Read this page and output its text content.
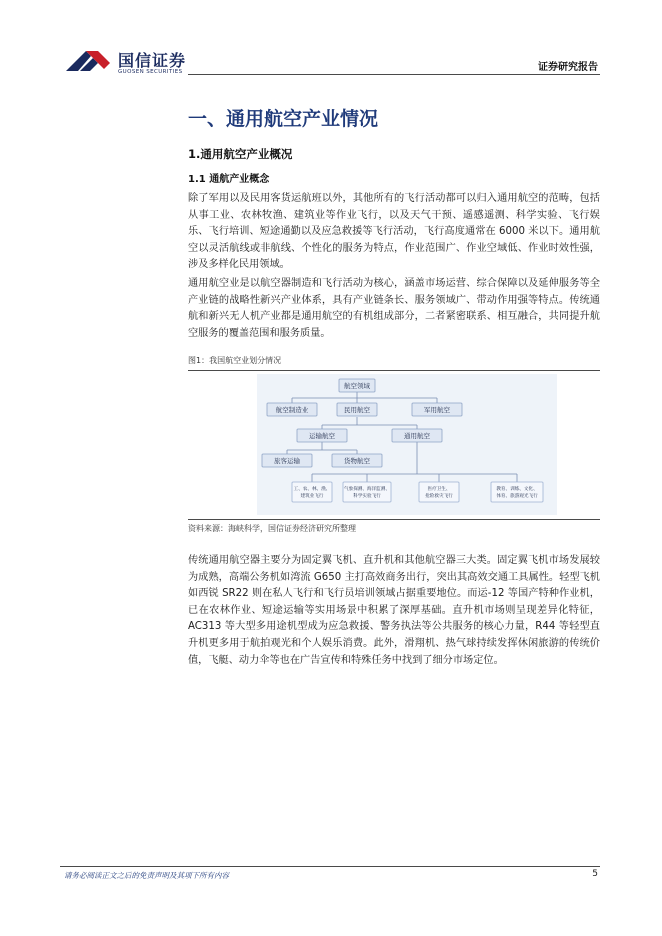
国信证券
GUOSEN SECURITIES	证券研究报告
一、通用航空产业情况
1.通用航空产业概况
1.1 通航产业概念
除了军用以及民用客货运航班以外，其他所有的飞行活动都可以归入通用航空的范畴，包括从事工业、农林牧渔、建筑业等作业飞行，以及天气干预、遥感遥测、科学实验、飞行娱乐、飞行培训、短途通勤以及应急救援等飞行活动，飞行高度通常在 6000 米以下。通用航空以灵活航线或非航线、个性化的服务为特点，作业范围广、作业空域低、作业时效性强，涉及多样化民用领域。
通用航空业是以航空器制造和飞行活动为核心，涵盖市场运营、综合保障以及延伸服务等全产业链的战略性新兴产业体系，具有产业链条长、服务领域广、带动作用强等特点。传统通航和新兴无人机产业都是通用航空的有机组成部分，二者紧密联系、相互融合，共同提升航空服务的覆盖范围和服务质量。
图1：我国航空业划分情况
航空领域
航空制造业	民用航空	军用航空
运输航空	通用航空
旅客运输	货物航空
工、农、林、渔、
建筑业飞行
气象探测、海洋监测、
科学实验飞行
医疗卫生、
抢险救灾飞行
教育、训练、文化、
体育、旅游观光飞行
资料来源：海峡科学，国信证券经济研究所整理
传统通用航空器主要分为固定翼飞机、直升机和其他航空器三大类。固定翼飞机市场发展较为成熟，高端公务机如湾流 G650 主打高效商务出行，突出其高效交通工具属性。轻型飞机如西锐 SR22 则在私人飞行和飞行员培训领域占据重要地位。而运-12 等国产特种作业机，已在农林作业、短途运输等实用场景中积累了深厚基础。直升机市场则呈现差异化特征，AC313 等大型多用途机型成为应急救援、警务执法等公共服务的核心力量，R44 等轻型直升机更多用于航拍观光和个人娱乐消费。此外，滑翔机、热气球持续发挥休闲旅游的传统价值，飞艇、动力伞等也在广告宣传和特殊任务中找到了细分市场定位。
请务必阅读正文之后的免责声明及其项下所有内容	5
